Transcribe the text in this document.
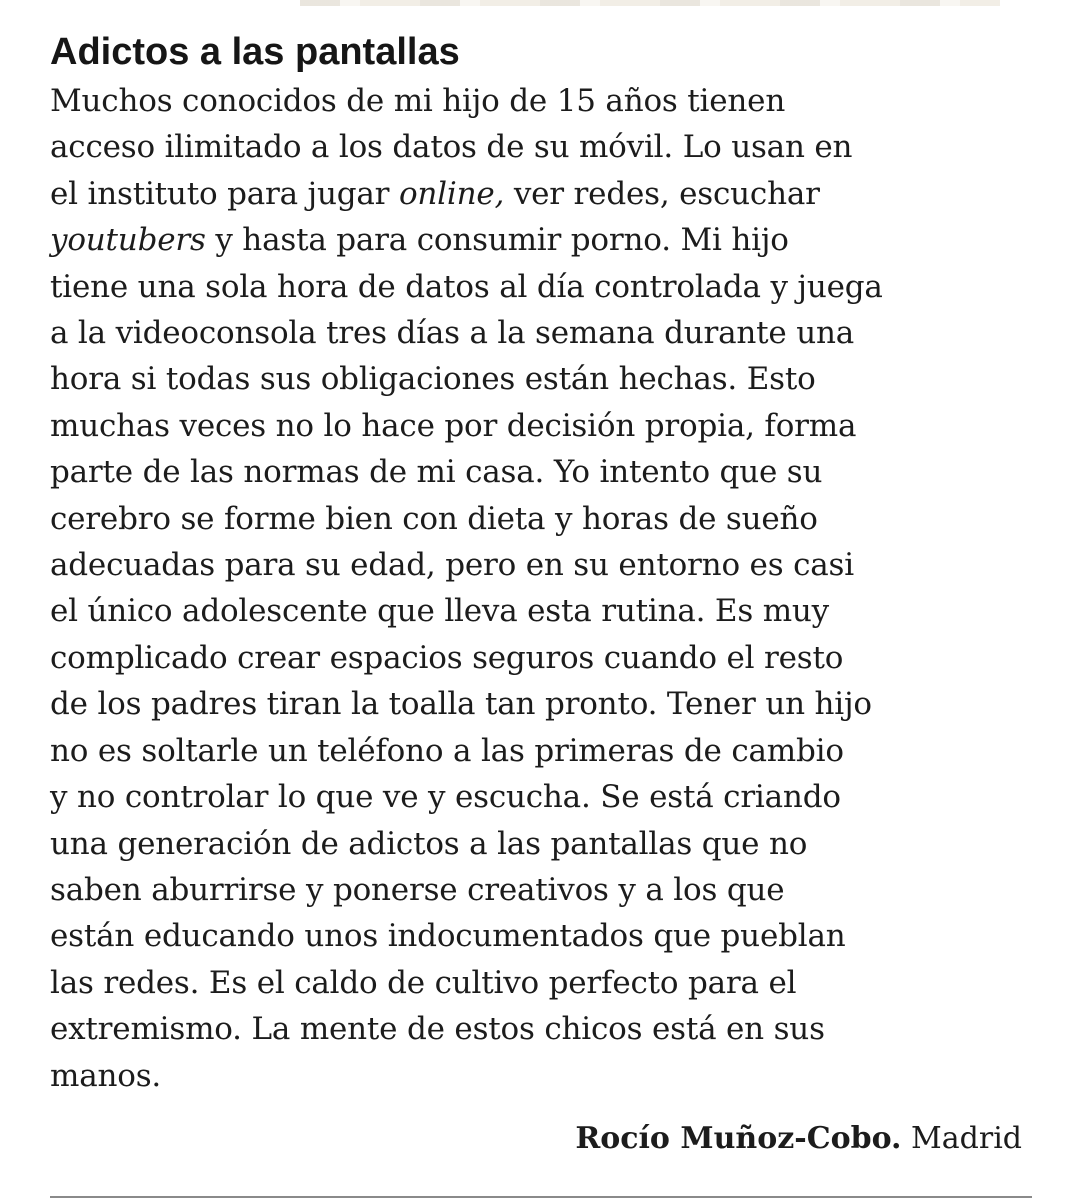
Adictos a las pantallas

Muchos conocidos de mi hijo de 15 años tienen
acceso ilimitado a los datos de su móvil. Lo usan en
el instituto para jugar online, ver redes, escuchar
youtubers y hasta para consumir porno. Mi hijo
tiene una sola hora de datos al día controlada y juega
a la videoconsola tres días a la semana durante una
hora si todas sus obligaciones están hechas. Esto
muchas veces no lo hace por decisión propia, forma
parte de las normas de mi casa. Yo intento que su
cerebro se forme bien con dieta y horas de sueño
adecuadas para su edad, pero en su entorno es casi
el único adolescente que lleva esta rutina. Es muy
complicado crear espacios seguros cuando el resto
de los padres tiran la toalla tan pronto. Tener un hijo
no es soltarle un teléfono a las primeras de cambio
y no controlar lo que ve y escucha. Se está criando
una generación de adictos a las pantallas que no
saben aburrirse y ponerse creativos y a los que
están educando unos indocumentados que pueblan
las redes. Es el caldo de cultivo perfecto para el
extremismo. La mente de estos chicos está en sus
manos.

Rocío Muñoz-Cobo. Madrid
